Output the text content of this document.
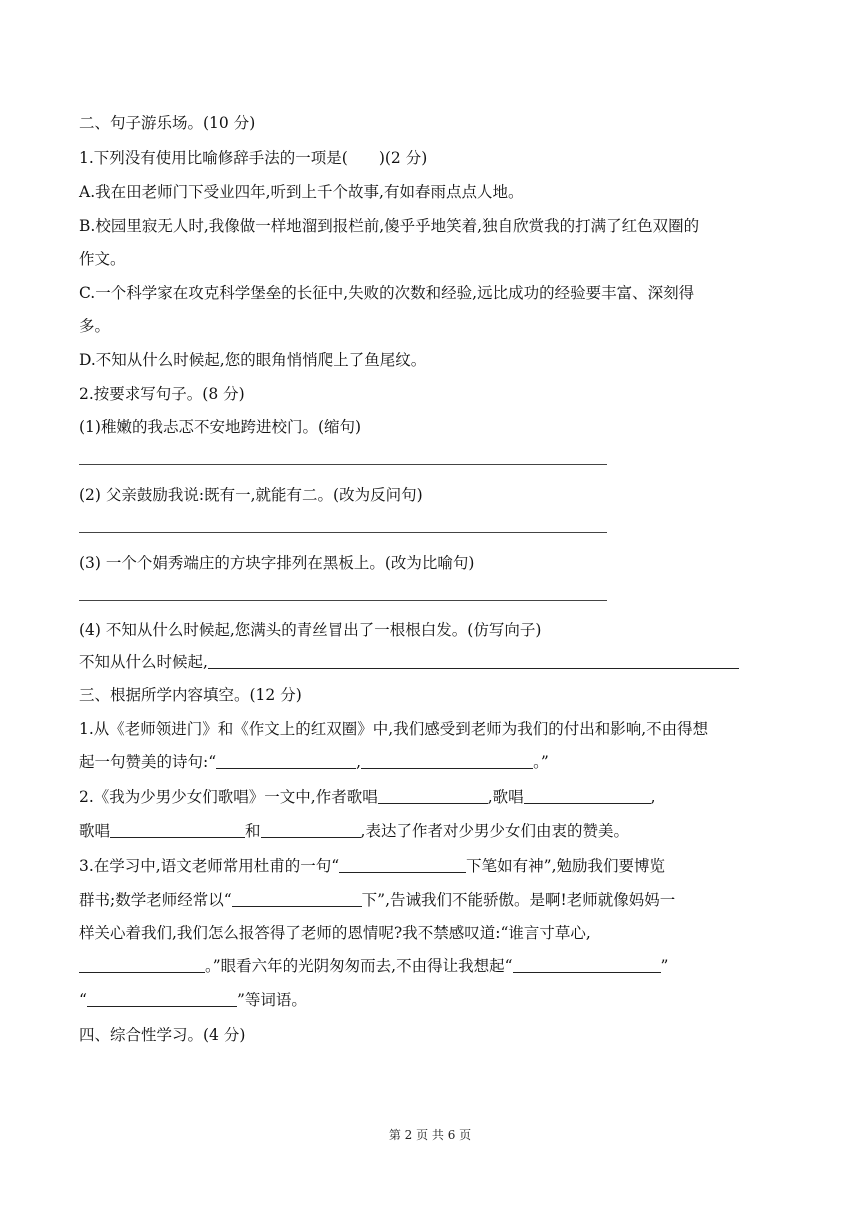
二、句子游乐场。(10 分)
1.下列没有使用比喻修辞手法的一项是(　　)(2 分)
A.我在田老师门下受业四年,听到上千个故事,有如春雨点点人地。
B.校园里寂无人时,我像做一样地溜到报栏前,傻乎乎地笑着,独自欣赏我的打满了红色双圈的
作文。
C.一个科学家在攻克科学堡垒的长征中,失败的次数和经验,远比成功的经验要丰富、深刻得
多。
D.不知从什么时候起,您的眼角悄悄爬上了鱼尾纹。
2.按要求写句子。(8 分)
(1)稚嫩的我忐忑不安地跨进校门。(缩句)
(2) 父亲鼓励我说:既有一,就能有二。(改为反问句)
(3) 一个个娟秀端庄的方块字排列在黑板上。(改为比喻句)
(4) 不知从什么时候起,您满头的青丝冒出了一根根白发。(仿写向子)
不知从什么时候起,
三、根据所学内容填空。(12 分)
1.从《老师领进门》和《作文上的红双圈》中,我们感受到老师为我们的付出和影响,不由得想
起一句赞美的诗句:“	,	。”
2.《我为少男少女们歌唱》一文中,作者歌唱	,歌唱	,
歌唱	和	,表达了作者对少男少女们由衷的赞美。
3.在学习中,语文老师常用杜甫的一句“	下笔如有神”,勉励我们要博览
群书;数学老师经常以“	下”,告诫我们不能骄傲。是啊!老师就像妈妈一
样关心着我们,我们怎么报答得了老师的恩情呢?我不禁感叹道:“谁言寸草心,
。”眼看六年的光阴匆匆而去,不由得让我想起“	”
“	”等词语。
四、综合性学习。(4 分)
第 2 页 共 6 页
